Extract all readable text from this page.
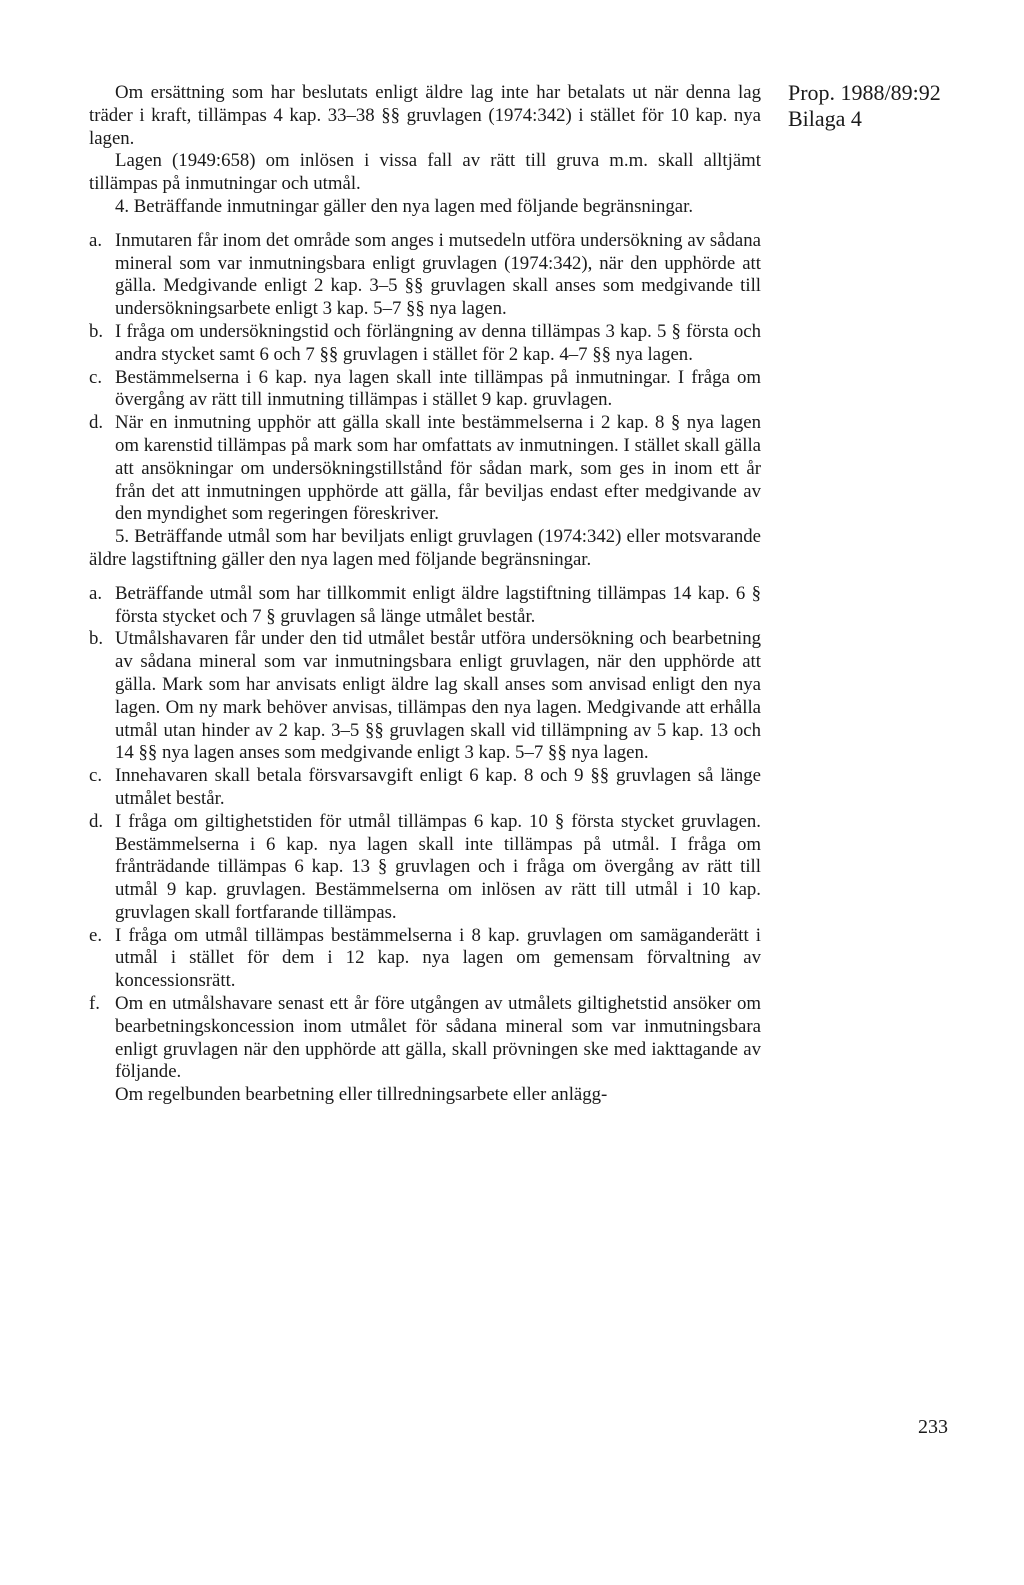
Prop. 1988/89:92
Bilaga 4

Om ersättning som har beslutats enligt äldre lag inte har betalats ut när denna lag träder i kraft, tillämpas 4 kap. 33–38 §§ gruvlagen (1974:342) i stället för 10 kap. nya lagen.

Lagen (1949:658) om inlösen i vissa fall av rätt till gruva m.m. skall alltjämt tillämpas på inmutningar och utmål.

4. Beträffande inmutningar gäller den nya lagen med följande begränsningar.

a. Inmutaren får inom det område som anges i mutsedeln utföra undersökning av sådana mineral som var inmutningsbara enligt gruvlagen (1974:342), när den upphörde att gälla. Medgivande enligt 2 kap. 3–5 §§ gruvlagen skall anses som medgivande till undersökningsarbete enligt 3 kap. 5–7 §§ nya lagen.
b. I fråga om undersökningstid och förlängning av denna tillämpas 3 kap. 5 § första och andra stycket samt 6 och 7 §§ gruvlagen i stället för 2 kap. 4–7 §§ nya lagen.
c. Bestämmelserna i 6 kap. nya lagen skall inte tillämpas på inmutningar. I fråga om övergång av rätt till inmutning tillämpas i stället 9 kap. gruvlagen.
d. När en inmutning upphör att gälla skall inte bestämmelserna i 2 kap. 8 § nya lagen om karenstid tillämpas på mark som har omfattats av inmutningen. I stället skall gälla att ansökningar om undersökningstillstånd för sådan mark, som ges in inom ett år från det att inmutningen upphörde att gälla, får beviljas endast efter medgivande av den myndighet som regeringen föreskriver.

5. Beträffande utmål som har beviljats enligt gruvlagen (1974:342) eller motsvarande äldre lagstiftning gäller den nya lagen med följande begränsningar.

a. Beträffande utmål som har tillkommit enligt äldre lagstiftning tillämpas 14 kap. 6 § första stycket och 7 § gruvlagen så länge utmålet består.
b. Utmålshavaren får under den tid utmålet består utföra undersökning och bearbetning av sådana mineral som var inmutningsbara enligt gruvlagen, när den upphörde att gälla. Mark som har anvisats enligt äldre lag skall anses som anvisad enligt den nya lagen. Om ny mark behöver anvisas, tillämpas den nya lagen. Medgivande att erhålla utmål utan hinder av 2 kap. 3–5 §§ gruvlagen skall vid tillämpning av 5 kap. 13 och 14 §§ nya lagen anses som medgivande enligt 3 kap. 5–7 §§ nya lagen.
c. Innehavaren skall betala försvarsavgift enligt 6 kap. 8 och 9 §§ gruvlagen så länge utmålet består.
d. I fråga om giltighetstiden för utmål tillämpas 6 kap. 10 § första stycket gruvlagen. Bestämmelserna i 6 kap. nya lagen skall inte tillämpas på utmål. I fråga om frånträdande tillämpas 6 kap. 13 § gruvlagen och i fråga om övergång av rätt till utmål 9 kap. gruvlagen. Bestämmelserna om inlösen av rätt till utmål i 10 kap. gruvlagen skall fortfarande tillämpas.
e. I fråga om utmål tillämpas bestämmelserna i 8 kap. gruvlagen om samäganderätt i utmål i stället för dem i 12 kap. nya lagen om gemensam förvaltning av koncessionsrätt.
f. Om en utmålshavare senast ett år före utgången av utmålets giltighetstid ansöker om bearbetningskoncession inom utmålet för sådana mineral som var inmutningsbara enligt gruvlagen när den upphörde att gälla, skall prövningen ske med iakttagande av följande.

Om regelbunden bearbetning eller tillredningsarbete eller anlägg-

233
